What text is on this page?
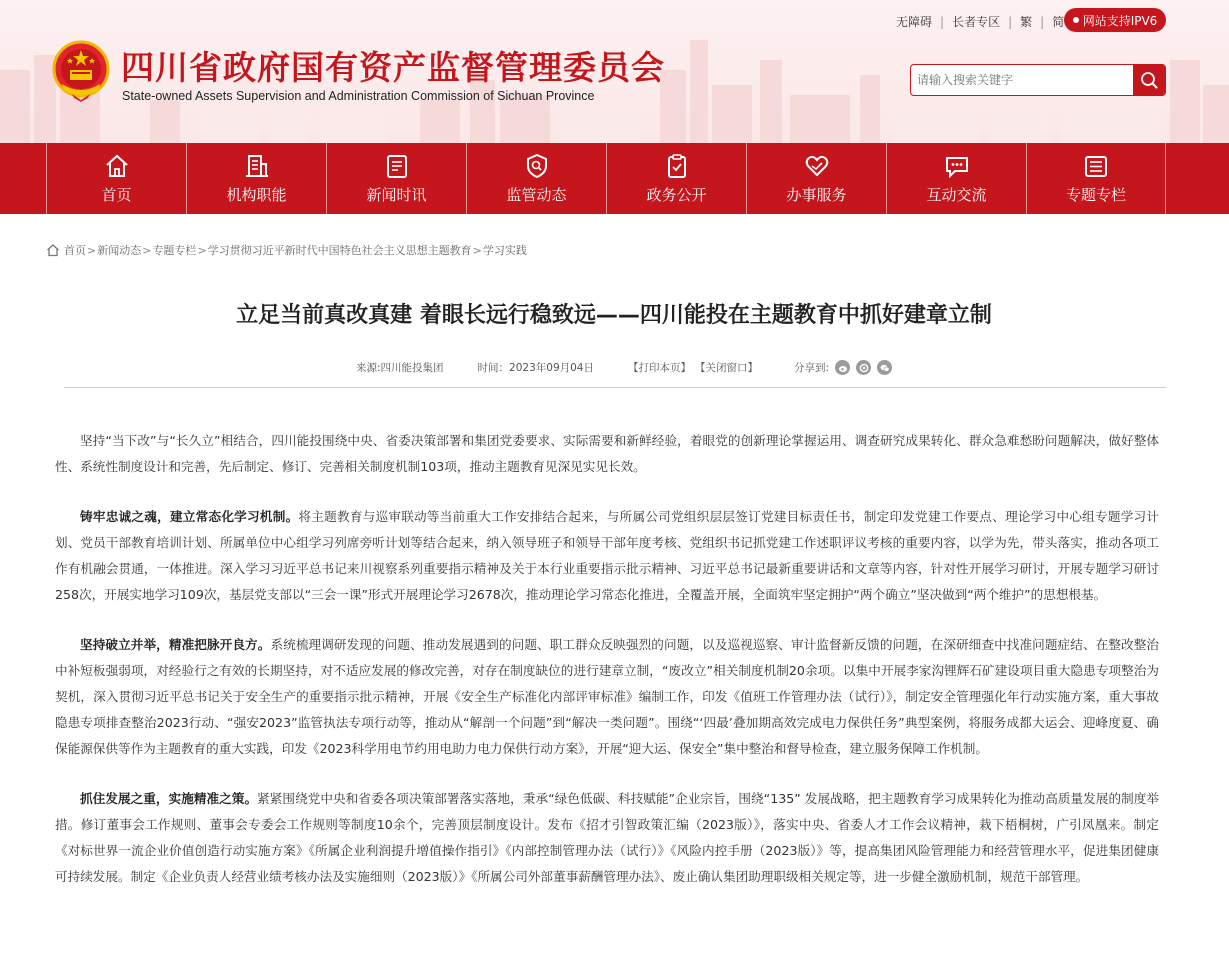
四川省政府国有资产监督管理委员会
State-owned Assets Supervision and Administration Commission of Sichuan Province
无障碍 | 长者专区 | 繁 | 简 网站支持IPV6
请输入搜索关键字
首页	机构职能	新闻时讯	监管动态	政务公开	办事服务	互动交流	专题专栏
首页 > 新闻动态 > 专题专栏 > 学习贯彻习近平新时代中国特色社会主义思想主题教育 > 学习实践
立足当前真改真建 着眼长远行稳致远——四川能投在主题教育中抓好建章立制
来源:四川能投集团	时间：2023年09月04日	【打印本页】 【关闭窗口】	分享到:

坚持“当下改”与“长久立”相结合，四川能投围绕中央、省委决策部署和集团党委要求、实际需要和新鲜经验，着眼党的创新理论掌握运用、调查研究成果转化、群众急难愁盼问题解决，做好整体性、系统性制度设计和完善，先后制定、修订、完善相关制度机制103项，推动主题教育见深见实见长效。

铸牢忠诚之魂，建立常态化学习机制。将主题教育与巡审联动等当前重大工作安排结合起来，与所属公司党组织层层签订党建目标责任书，制定印发党建工作要点、理论学习中心组专题学习计划、党员干部教育培训计划、所属单位中心组学习列席旁听计划等结合起来，纳入领导班子和领导干部年度考核、党组织书记抓党建工作述职评议考核的重要内容，以学为先，带头落实，推动各项工作有机融会贯通，一体推进。深入学习习近平总书记来川视察系列重要指示精神及关于本行业重要指示批示精神、习近平总书记最新重要讲话和文章等内容，针对性开展学习研讨，开展专题学习研讨258次，开展实地学习109次，基层党支部以“三会一课”形式开展理论学习2678次，推动理论学习常态化推进，全覆盖开展，全面筑牢坚定拥护“两个确立”坚决做到“两个维护”的思想根基。

坚持破立并举，精准把脉开良方。系统梳理调研发现的问题、推动发展遇到的问题、职工群众反映强烈的问题，以及巡视巡察、审计监督新反馈的问题，在深研细查中找准问题症结、在整改整治中补短板强弱项，对经验行之有效的长期坚持，对不适应发展的修改完善，对存在制度缺位的进行建章立制，“废改立”相关制度机制20余项。以集中开展李家沟锂辉石矿建设项目重大隐患专项整治为契机，深入贯彻习近平总书记关于安全生产的重要指示批示精神，开展《安全生产标准化内部评审标准》编制工作，印发《值班工作管理办法（试行）》，制定安全管理强化年行动实施方案，重大事故隐患专项排查整治2023行动、“强安2023”监管执法专项行动等，推动从“解剖一个问题”到“解决一类问题”。围绕“‘四最’叠加期高效完成电力保供任务”典型案例，将服务成都大运会、迎峰度夏、确保能源保供等作为主题教育的重大实践，印发《2023科学用电节约用电助力电力保供行动方案》，开展“迎大运、保安全”集中整治和督导检查，建立服务保障工作机制。

抓住发展之重，实施精准之策。紧紧围绕党中央和省委各项决策部署落实落地，秉承“绿色低碳、科技赋能”企业宗旨，围绕“135” 发展战略，把主题教育学习成果转化为推动高质量发展的制度举措。修订董事会工作规则、董事会专委会工作规则等制度10余个，完善顶层制度设计。发布《招才引智政策汇编（2023版）》，落实中央、省委人才工作会议精神，栽下梧桐树，广引凤凰来。制定《对标世界一流企业价值创造行动实施方案》《所属企业利润提升增值操作指引》《内部控制管理办法（试行）》《风险内控手册（2023版）》等，提高集团风险管理能力和经营管理水平，促进集团健康可持续发展。制定《企业负责人经营业绩考核办法及实施细则（2023版）》《所属公司外部董事薪酬管理办法》、废止确认集团助理职级相关规定等，进一步健全激励机制，规范干部管理。
